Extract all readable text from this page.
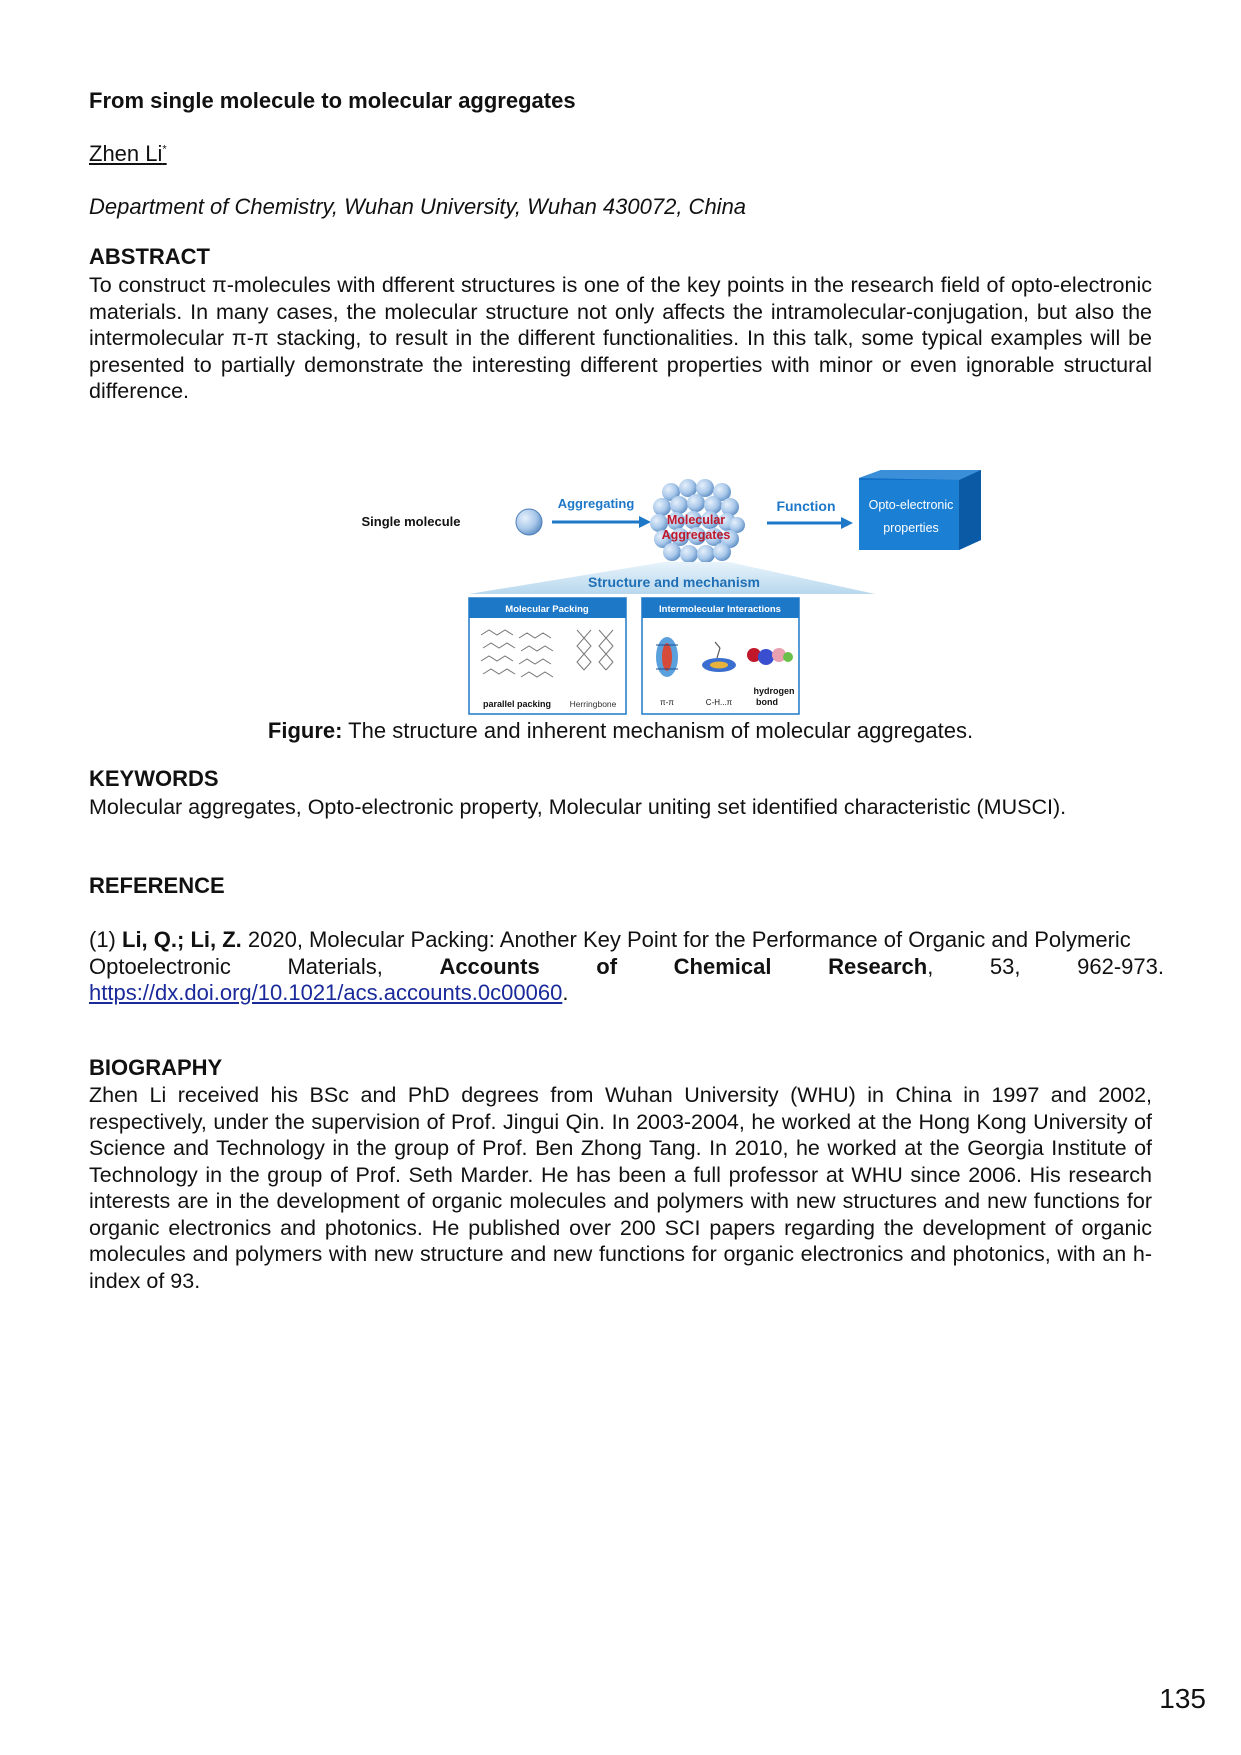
From single molecule to molecular aggregates
Zhen Li*
Department of Chemistry, Wuhan University, Wuhan 430072, China
ABSTRACT

To construct π-molecules with dfferent structures is one of the key points in the research field of opto-electronic materials. In many cases, the molecular structure not only affects the intramolecular-conjugation, but also the intermolecular π-π stacking, to result in the different functionalities. In this talk, some typical examples will be presented to partially demonstrate the interesting different properties with minor or even ignorable structural difference.

Single molecule
Aggregating
Molecular
Aggregates
Function	Opto-electronic
properties
Structure and mechanism
Molecular Packing
parallel packing Herringbone
Intermolecular Interactions
π-π	C-H...π
hydrogen
bond
Figure: The structure and inherent mechanism of molecular aggregates.
KEYWORDS

Molecular aggregates, Opto-electronic property, Molecular uniting set identified characteristic (MUSCI).

REFERENCE
(1) Li, Q.; Li, Z. 2020, Molecular Packing: Another Key Point for the Performance of Organic and Polymeric
Optoelectronic	Materials,	Accounts	of	Chemical	Research,	53,	962-973.
https://dx.doi.org/10.1021/acs.accounts.0c00060.
BIOGRAPHY

Zhen Li received his BSc and PhD degrees from Wuhan University (WHU) in China in 1997 and 2002, respectively, under the supervision of Prof. Jingui Qin. In 2003-2004, he worked at the Hong Kong University of Science and Technology in the group of Prof. Ben Zhong Tang. In 2010, he worked at the Georgia Institute of Technology in the group of Prof. Seth Marder. He has been a full professor at WHU since 2006. His research interests are in the development of organic molecules and polymers with new structures and new functions for organic electronics and photonics. He published over 200 SCI papers regarding the development of organic molecules and polymers with new structure and new functions for organic electronics and photonics, with an h-index of 93.

135
